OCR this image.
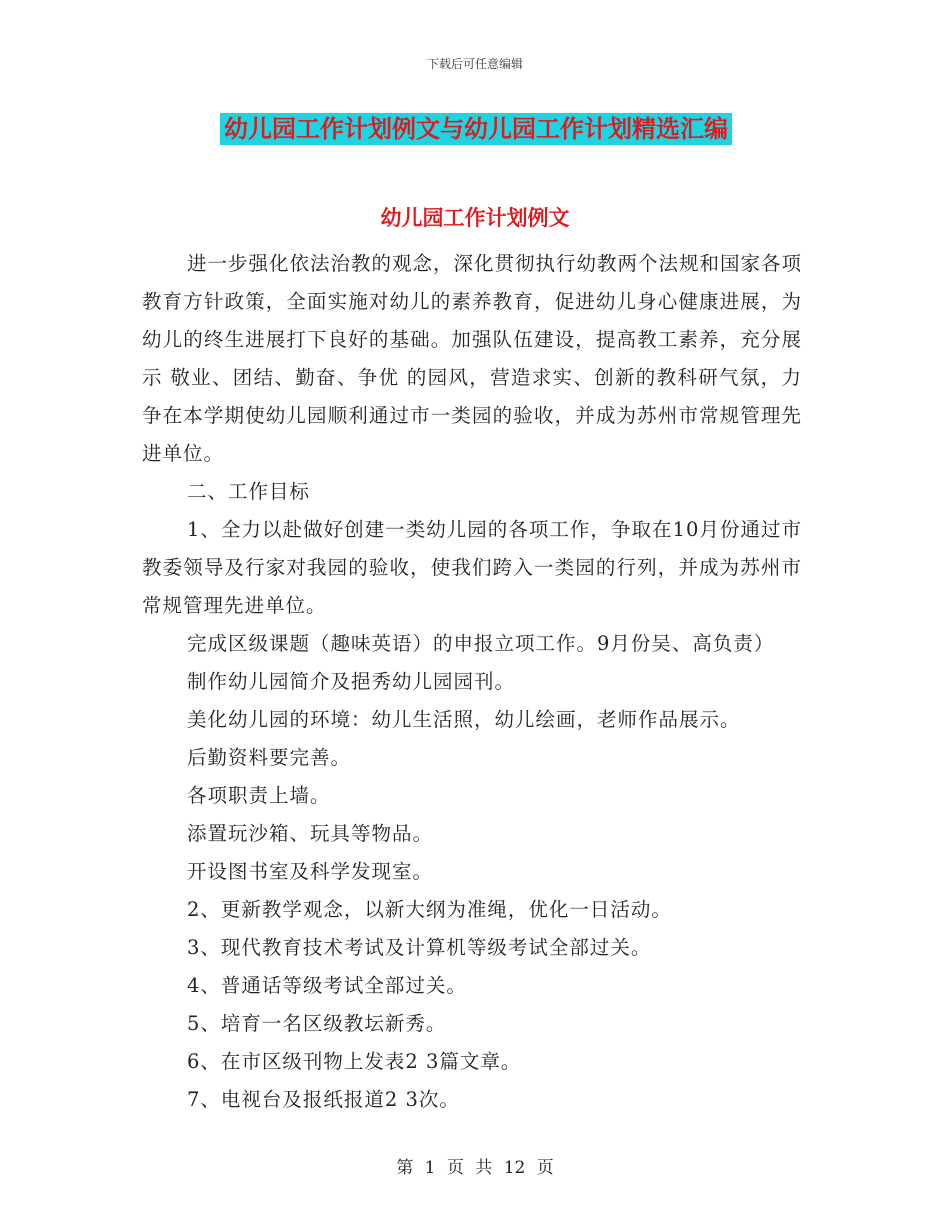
下载后可任意编辑
幼儿园工作计划例文与幼儿园工作计划精选汇编
幼儿园工作计划例文

进一步强化依法治教的观念，深化贯彻执行幼教两个法规和国家各项教育方针政策，全面实施对幼儿的素养教育，促进幼儿身心健康进展，为幼儿的终生进展打下良好的基础。加强队伍建设，提高教工素养，充分展示 敬业、团结、勤奋、争优 的园风，营造求实、创新的教科研气氛，力争在本学期使幼儿园顺利通过市一类园的验收，并成为苏州市常规管理先进单位。

二、工作目标

1、全力以赴做好创建一类幼儿园的各项工作，争取在10月份通过市教委领导及行家对我园的验收，使我们跨入一类园的行列，并成为苏州市常规管理先进单位。

完成区级课题（趣味英语）的申报立项工作。9月份吴、高负责）

制作幼儿园简介及挹秀幼儿园园刊。

美化幼儿园的环境：幼儿生活照，幼儿绘画，老师作品展示。

后勤资料要完善。

各项职责上墙。

添置玩沙箱、玩具等物品。

开设图书室及科学发现室。

2、更新教学观念，以新大纲为准绳，优化一日活动。

3、现代教育技术考试及计算机等级考试全部过关。

4、普通话等级考试全部过关。

5、培育一名区级教坛新秀。

6、在市区级刊物上发表2 3篇文章。

7、电视台及报纸报道2 3次。

第 1 页 共 12 页
